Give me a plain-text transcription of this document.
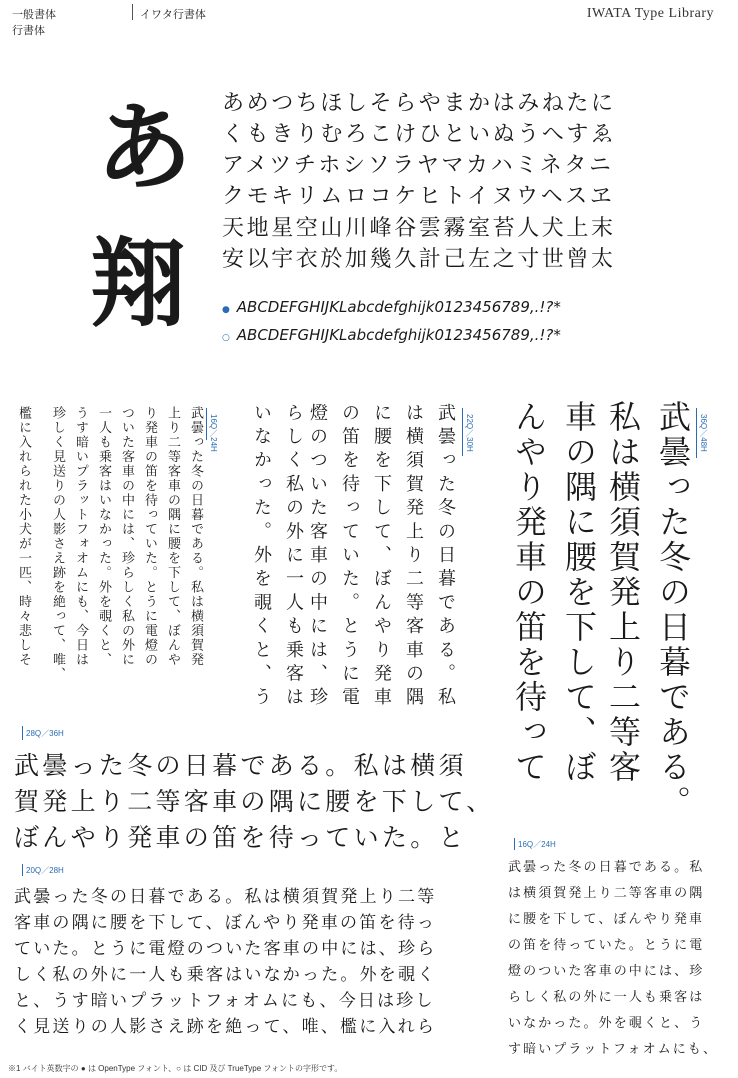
一般書体
行書体
イワタ行書体	IWATA Type Library
あ
翔
あめつちほしそらやまかはみねたに
くもきりむろこけひといぬうへすゑ
アメツチホシソラヤマカハミネタニ
クモキリムロコケヒトイヌウヘスヱ
天地星空山川峰谷雲霧室苔人犬上末
安以宇衣於加幾久計己左之寸世曾太
● ABCDEFGHIJKLabcdefghijk0123456789,.!?*
○ ABCDEFGHIJKLabcdefghijk0123456789,.!?*
16Q／24H
武曇った冬の日暮である。私は横須賀発
上り二等客車の隅に腰を下して、ぼんや
り発車の笛を待っていた。とうに電燈の
ついた客車の中には、珍らしく私の外に
一人も乗客はいなかった。外を覗くと、
うす暗いプラットフォオムにも、今日は
珍しく見送りの人影さえ跡を絶って、唯、
檻に入れられた小犬が一匹、時々悲しそ	22Q／30H
武曇った冬の日暮である。私
は横須賀発上り二等客車の隅
に腰を下して、ぼんやり発車
の笛を待っていた。とうに電
燈のついた客車の中には、珍
らしく私の外に一人も乗客は
いなかった。外を覗くと、う	36Q／48H
武曇った冬の日暮である。
私は横須賀発上り二等客
車の隅に腰を下して、ぼ
んやり発車の笛を待って
28Q／36H
武曇った冬の日暮である。私は横須
賀発上り二等客車の隅に腰を下して、
ぼんやり発車の笛を待っていた。と
20Q／28H
武曇った冬の日暮である。私は横須賀発上り二等
客車の隅に腰を下して、ぼんやり発車の笛を待っ
ていた。とうに電燈のついた客車の中には、珍ら
しく私の外に一人も乗客はいなかった。外を覗く
と、うす暗いプラットフォオムにも、今日は珍し
く見送りの人影さえ跡を絶って、唯、檻に入れら
16Q／24H
武曇った冬の日暮である。私
は横須賀発上り二等客車の隅
に腰を下して、ぼんやり発車
の笛を待っていた。とうに電
燈のついた客車の中には、珍
らしく私の外に一人も乗客は
いなかった。外を覗くと、う
す暗いプラットフォオムにも、
※1 バイト英数字の ● は OpenType フォント、○ は CID 及び TrueType フォントの字形です。
